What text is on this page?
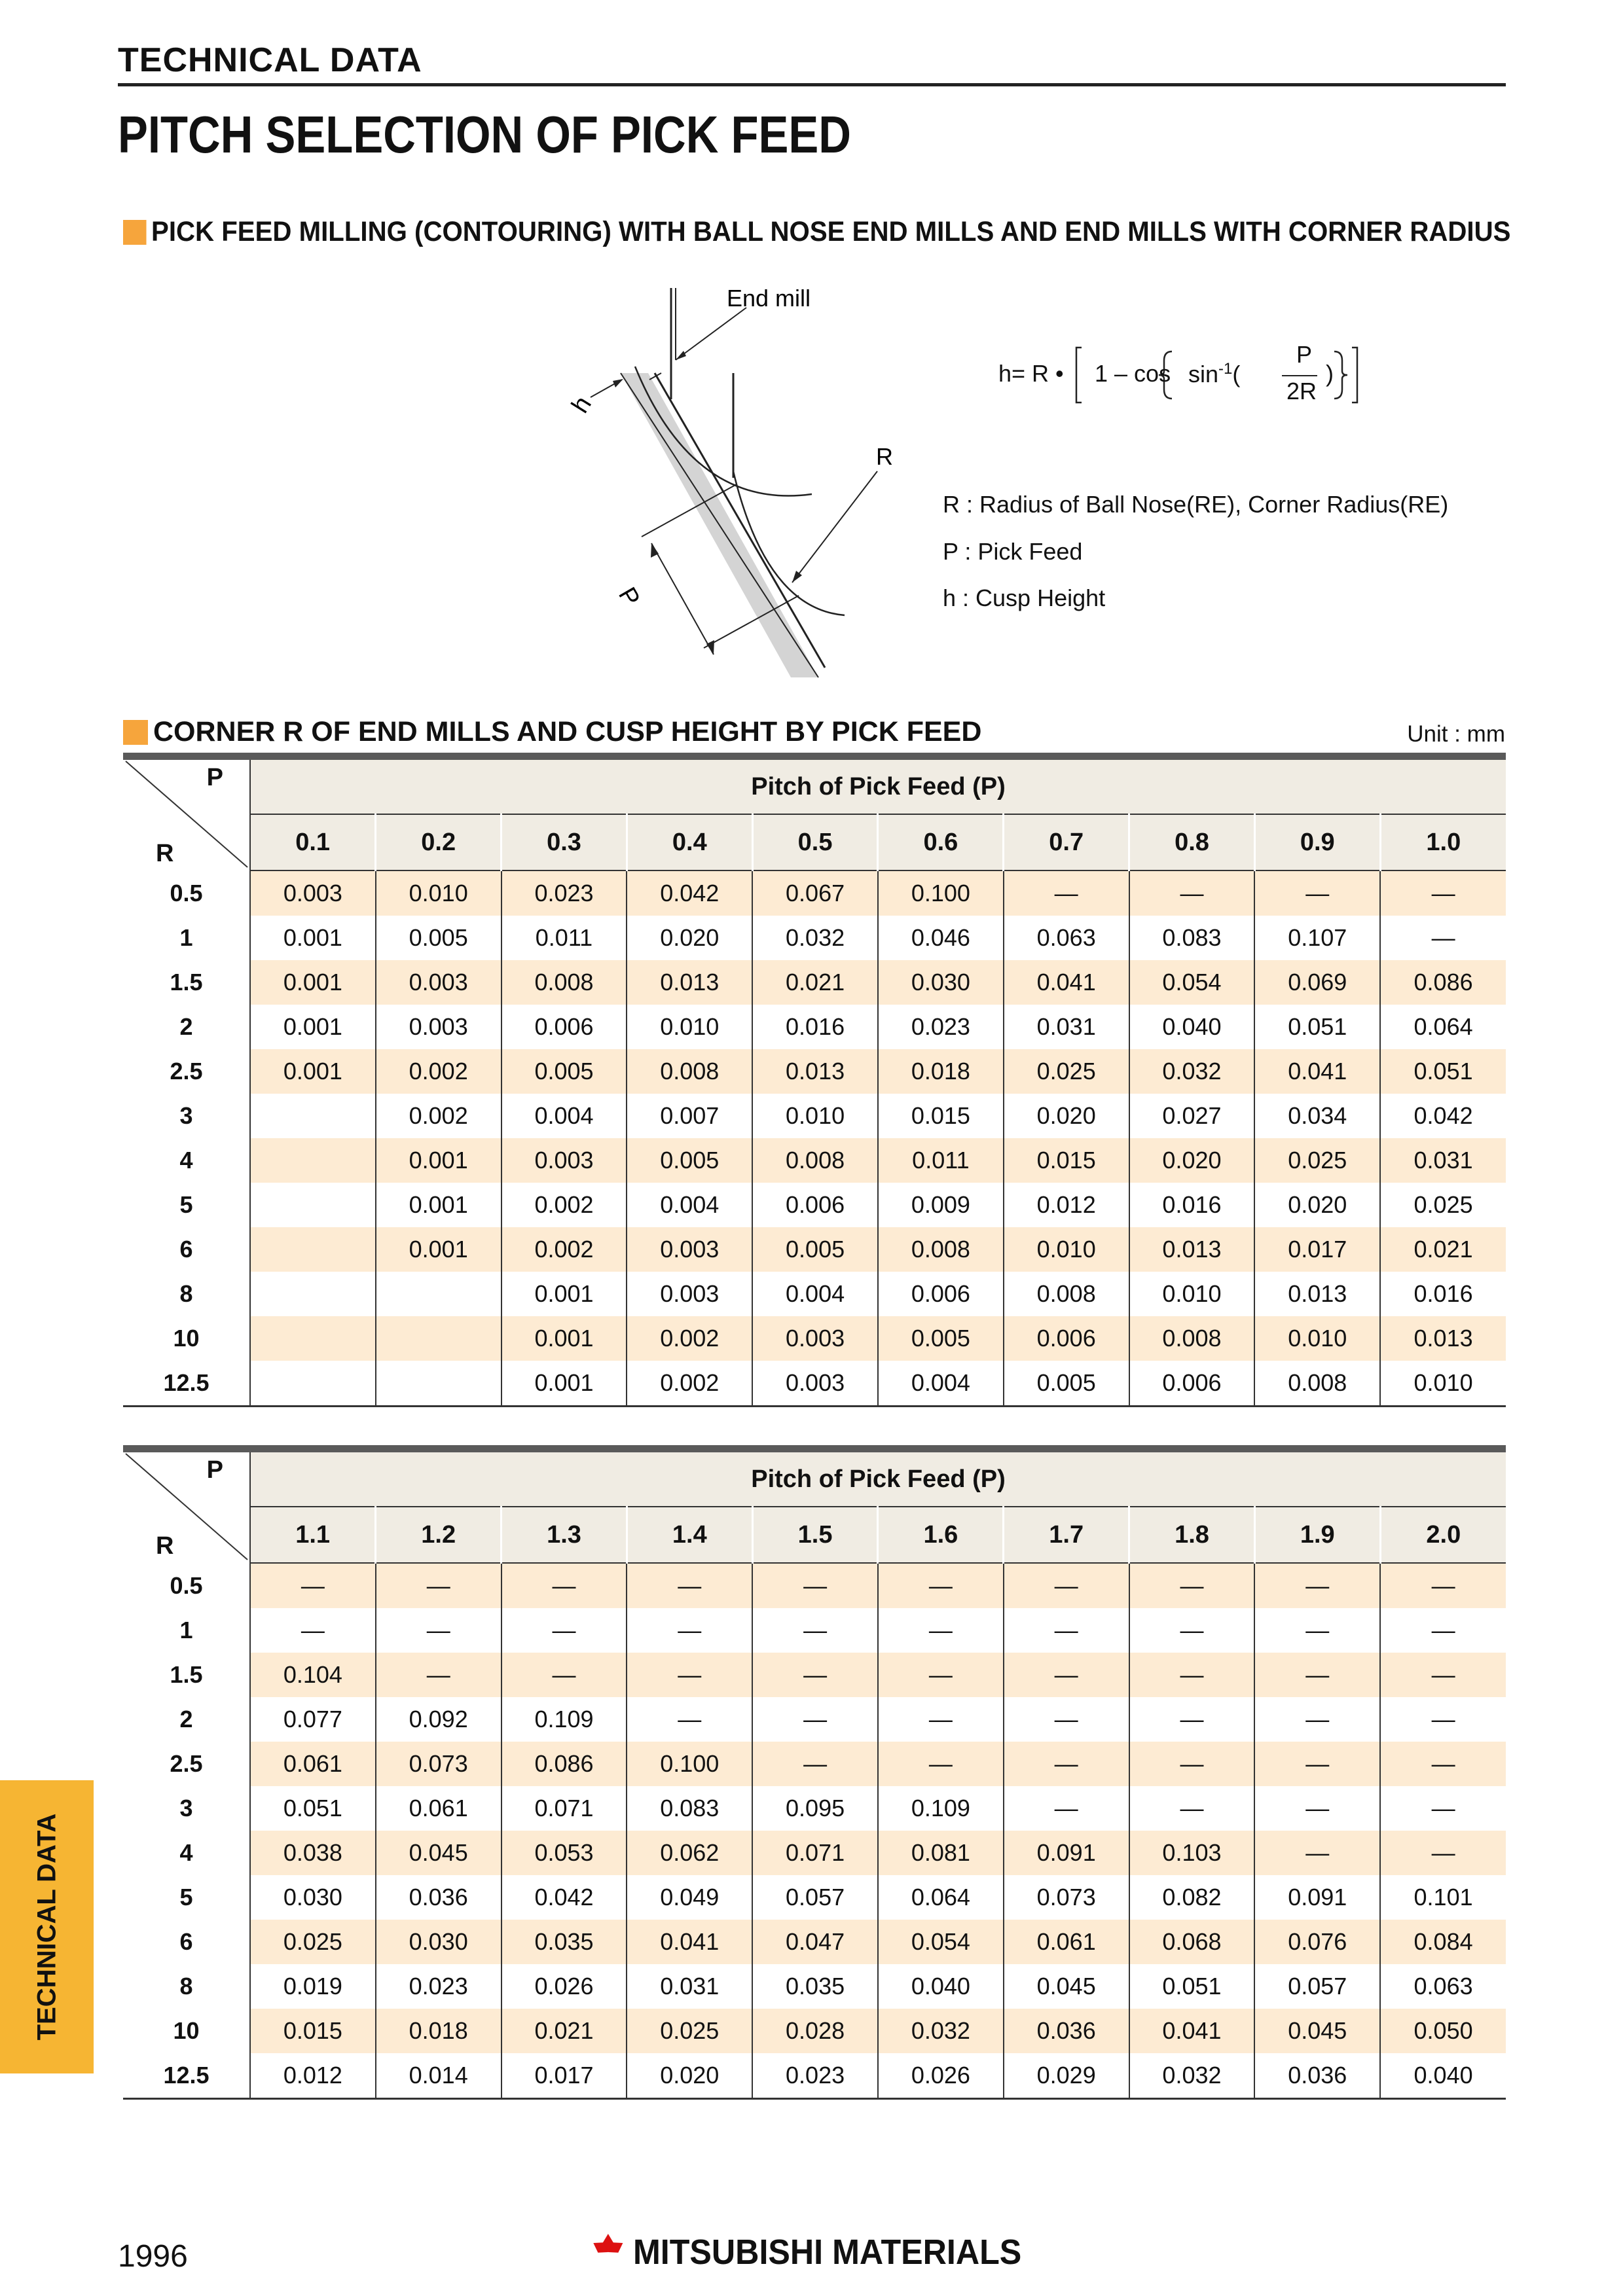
TECHNICAL DATA
PITCH SELECTION OF PICK FEED
PICK FEED MILLING (CONTOURING) WITH BALL NOSE END MILLS AND END MILLS WITH CORNER RADIUS
End mill
h
R
P
h= R • $1 - \cos \sin^{-1}$(
P
2R
)
R : Radius of Ball Nose(RE), Corner Radius(RE)
P : Pick Feed
h : Cusp Height
CORNER R OF END MILLS AND CUSP HEIGHT BY PICK FEED	Unit : mm
P
R	Pitch of Pick Feed (P)									
	0.1	0.2	0.3	0.4	0.5	0.6	0.7	0.8	0.9	1.0
0.5	0.003	0.010	0.023	0.042	0.067	0.100	—	—	—	—
1	0.001	0.005	0.011	0.020	0.032	0.046	0.063	0.083	0.107	—
1.5	0.001	0.003	0.008	0.013	0.021	0.030	0.041	0.054	0.069	0.086
2	0.001	0.003	0.006	0.010	0.016	0.023	0.031	0.040	0.051	0.064
2.5	0.001	0.002	0.005	0.008	0.013	0.018	0.025	0.032	0.041	0.051
3		0.002	0.004	0.007	0.010	0.015	0.020	0.027	0.034	0.042
4		0.001	0.003	0.005	0.008	0.011	0.015	0.020	0.025	0.031
5		0.001	0.002	0.004	0.006	0.009	0.012	0.016	0.020	0.025
6		0.001	0.002	0.003	0.005	0.008	0.010	0.013	0.017	0.021
8			0.001	0.003	0.004	0.006	0.008	0.010	0.013	0.016
10			0.001	0.002	0.003	0.005	0.006	0.008	0.010	0.013
12.5			0.001	0.002	0.003	0.004	0.005	0.006	0.008	0.010
P
R	Pitch of Pick Feed (P)									
	1.1	1.2	1.3	1.4	1.5	1.6	1.7	1.8	1.9	2.0
0.5	—	—	—	—	—	—	—	—	—	—
1	—	—	—	—	—	—	—	—	—	—
1.5	0.104	—	—	—	—	—	—	—	—	—
2	0.077	0.092	0.109	—	—	—	—	—	—	—
2.5	0.061	0.073	0.086	0.100	—	—	—	—	—	—
3	0.051	0.061	0.071	0.083	0.095	0.109	—	—	—	—
4	0.038	0.045	0.053	0.062	0.071	0.081	0.091	0.103	—	—
5	0.030	0.036	0.042	0.049	0.057	0.064	0.073	0.082	0.091	0.101
6	0.025	0.030	0.035	0.041	0.047	0.054	0.061	0.068	0.076	0.084
8	0.019	0.023	0.026	0.031	0.035	0.040	0.045	0.051	0.057	0.063
10	0.015	0.018	0.021	0.025	0.028	0.032	0.036	0.041	0.045	0.050
12.5	0.012	0.014	0.017	0.020	0.023	0.026	0.029	0.032	0.036	0.040
TECHNICAL DATA
1996	MITSUBISHI MATERIALS
